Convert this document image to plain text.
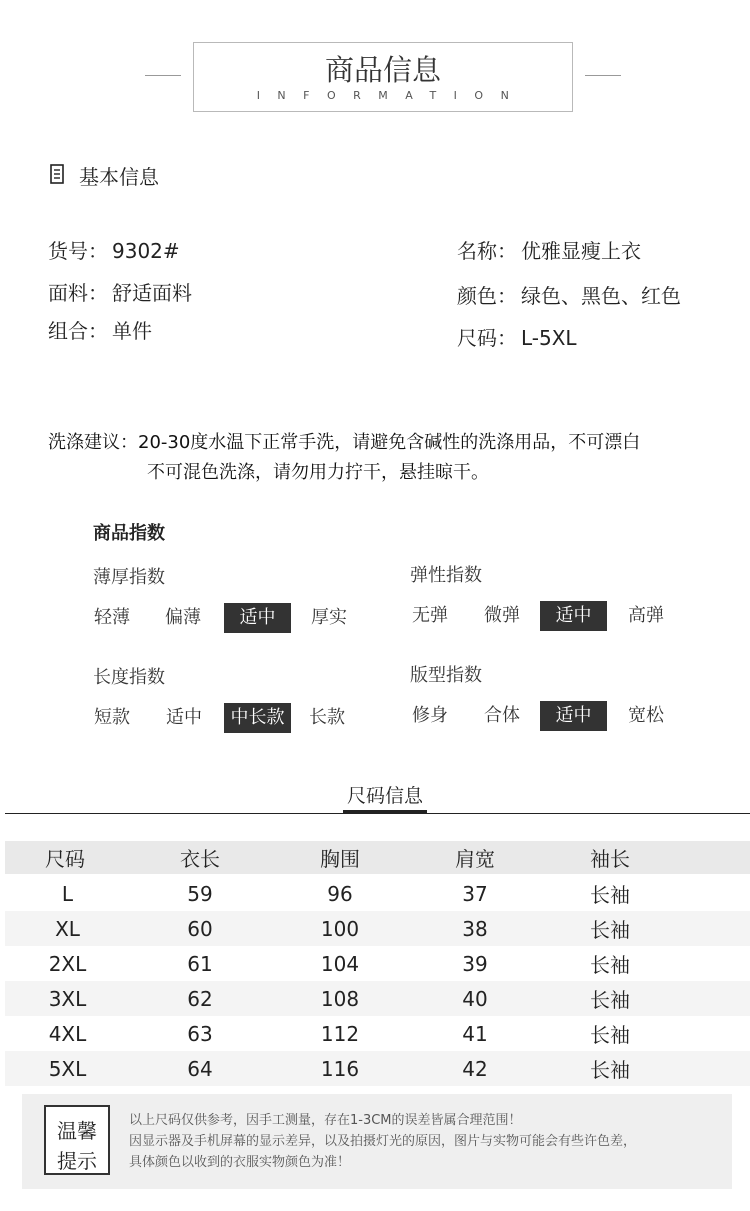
商品信息
INFORMATION
基本信息
货号： 9302#
面料： 舒适面料
组合： 单件
名称： 优雅显瘦上衣
颜色： 绿色、黑色、红色
尺码： L-5XL
洗涤建议：20-30度水温下正常手洗，请避免含碱性的洗涤用品，不可漂白
不可混色洗涤，请勿用力拧干，悬挂晾干。
商品指数
薄厚指数
轻薄	偏薄	适中	厚实
弹性指数
无弹	微弹	适中	高弹
长度指数
短款	适中	中长款	长款
版型指数
修身	合体	适中	宽松
尺码信息
尺码	衣长	胸围	肩宽	袖长
L	59	96	37	长袖
XL	60	100	38	长袖
2XL	61	104	39	长袖
3XL	62	108	40	长袖
4XL	63	112	41	长袖
5XL	64	116	42	长袖
温馨
提示
以上尺码仅供参考，因手工测量，存在1-3CM的误差皆属合理范围！
因显示器及手机屏幕的显示差异，以及拍摄灯光的原因，图片与实物可能会有些许色差，
具体颜色以收到的衣服实物颜色为准！
